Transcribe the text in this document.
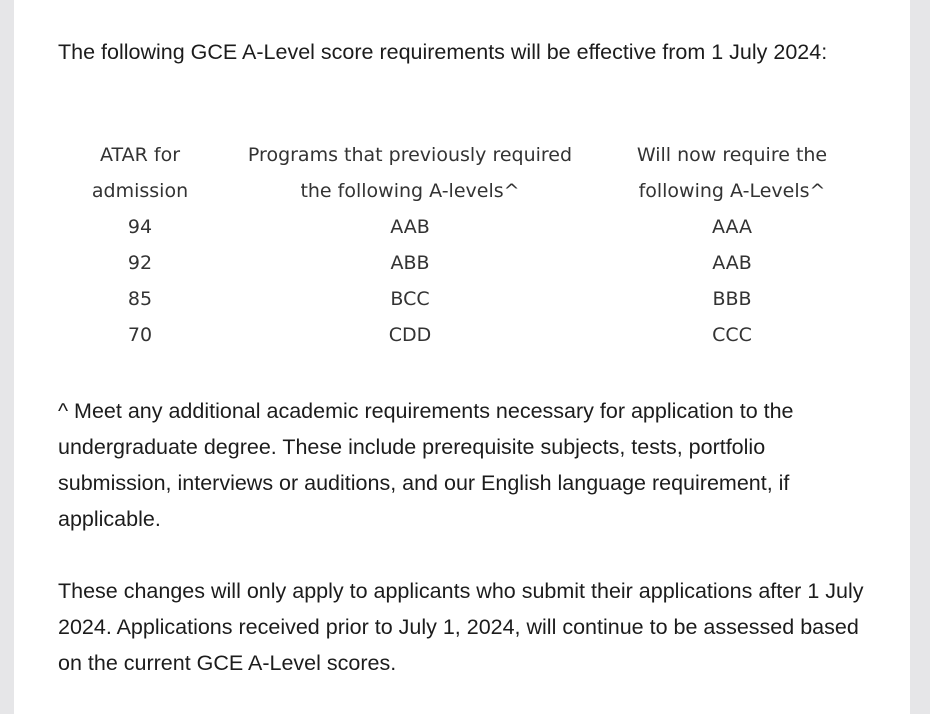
The following GCE A-Level score requirements will be effective from 1 July 2024:

ATAR for
admission
94
92
85
70
Programs that previously required
the following A-levels^
AAB
ABB
BCC
CDD
Will now require the
following A-Levels^
AAA
AAB
BBB
CCC

^ Meet any additional academic requirements necessary for application to the undergraduate degree. These include prerequisite subjects, tests, portfolio submission, interviews or auditions, and our English language requirement, if applicable.

These changes will only apply to applicants who submit their applications after 1 July 2024. Applications received prior to July 1, 2024, will continue to be assessed based on the current GCE A-Level scores.
